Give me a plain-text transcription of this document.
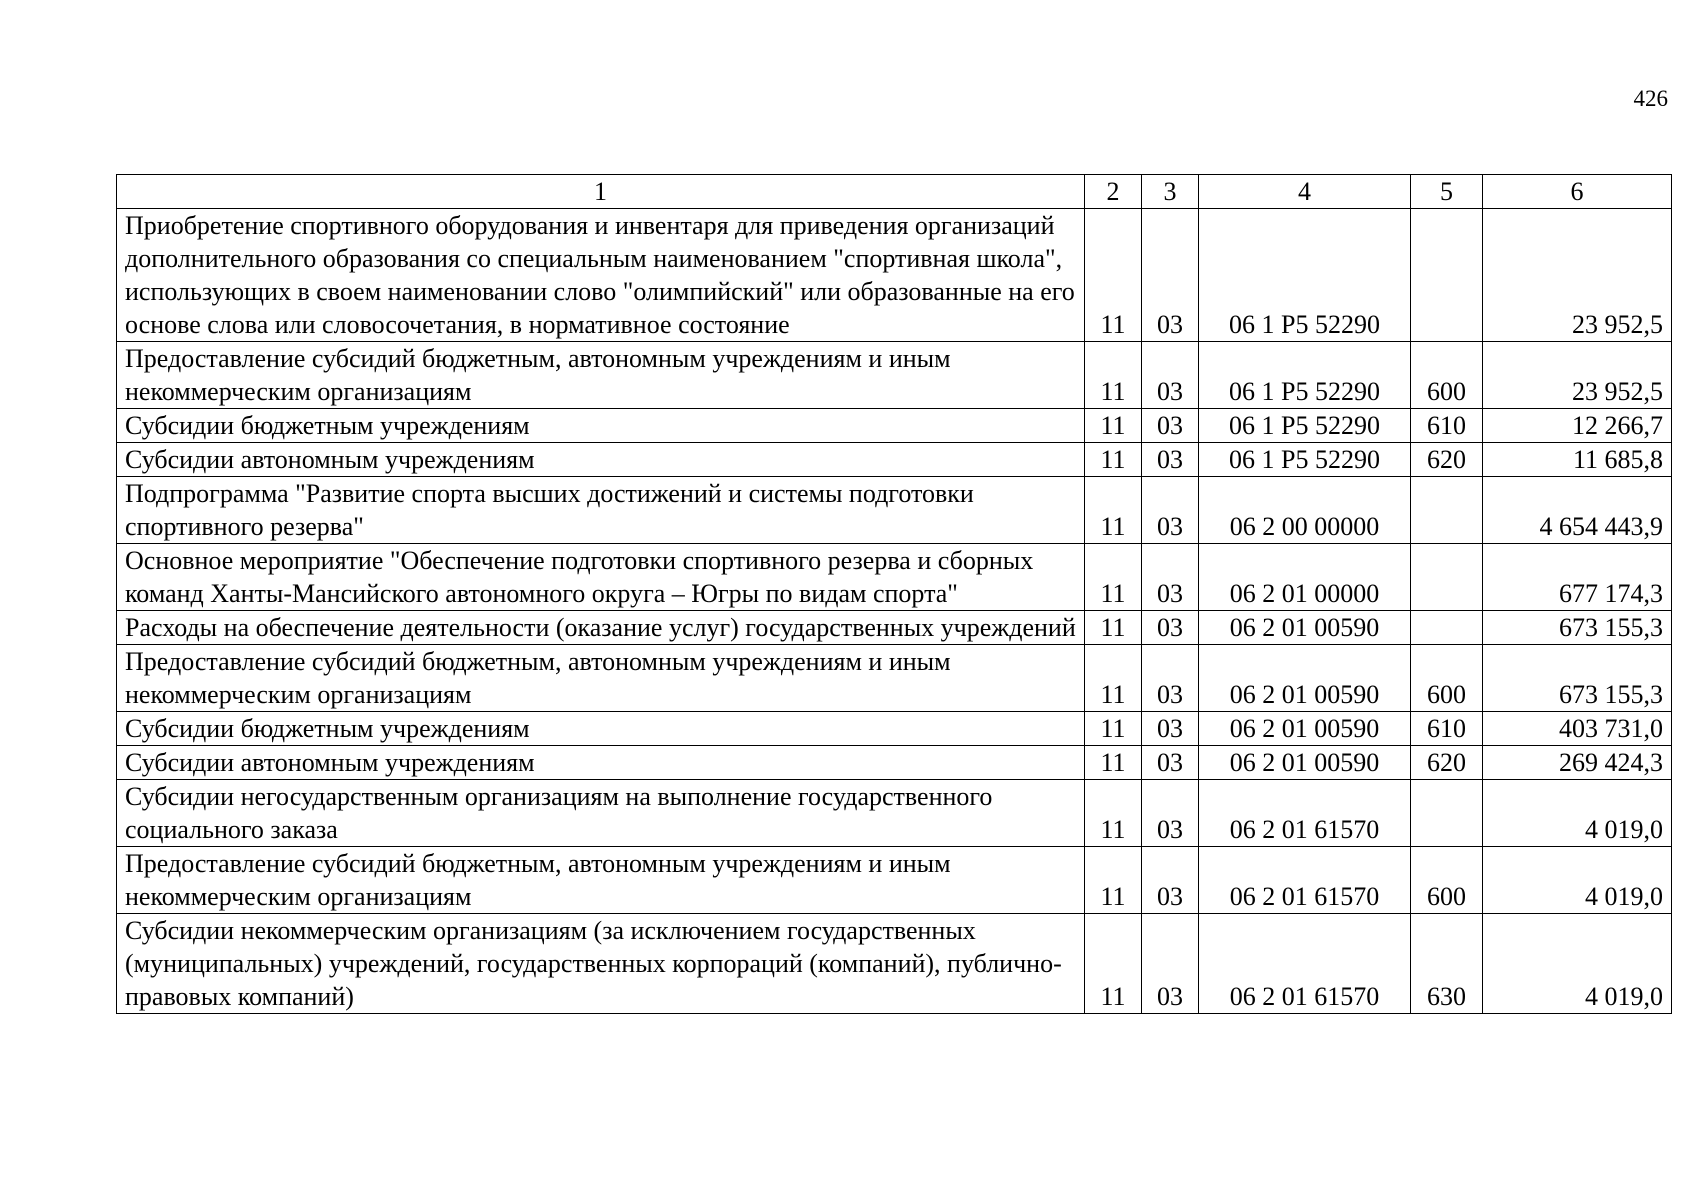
426
1	2	3	4	5	6
Приобретение спортивного оборудования и инвентаря для приведения организаций дополнительного образования со специальным наименованием "спортивная школа", использующих в своем наименовании слово "олимпийский" или образованные на его основе слова или словосочетания, в нормативное состояние	11	03	06 1 Р5 52290		23 952,5
Предоставление субсидий бюджетным, автономным учреждениям и иным некоммерческим организациям	11	03	06 1 Р5 52290	600	23 952,5
Субсидии бюджетным учреждениям	11	03	06 1 Р5 52290	610	12 266,7
Субсидии автономным учреждениям	11	03	06 1 Р5 52290	620	11 685,8
Подпрограмма "Развитие спорта высших достижений и системы подготовки спортивного резерва"	11	03	06 2 00 00000		4 654 443,9
Основное мероприятие "Обеспечение подготовки спортивного резерва и сборных команд Ханты-Мансийского автономного округа – Югры по видам спорта"	11	03	06 2 01 00000		677 174,3
Расходы на обеспечение деятельности (оказание услуг) государственных учреждений	11	03	06 2 01 00590		673 155,3
Предоставление субсидий бюджетным, автономным учреждениям и иным некоммерческим организациям	11	03	06 2 01 00590	600	673 155,3
Субсидии бюджетным учреждениям	11	03	06 2 01 00590	610	403 731,0
Субсидии автономным учреждениям	11	03	06 2 01 00590	620	269 424,3
Субсидии негосударственным организациям на выполнение государственного социального заказа	11	03	06 2 01 61570		4 019,0
Предоставление субсидий бюджетным, автономным учреждениям и иным некоммерческим организациям	11	03	06 2 01 61570	600	4 019,0
Субсидии некоммерческим организациям (за исключением государственных (муниципальных) учреждений, государственных корпораций (компаний), публично-правовых компаний)	11	03	06 2 01 61570	630	4 019,0
